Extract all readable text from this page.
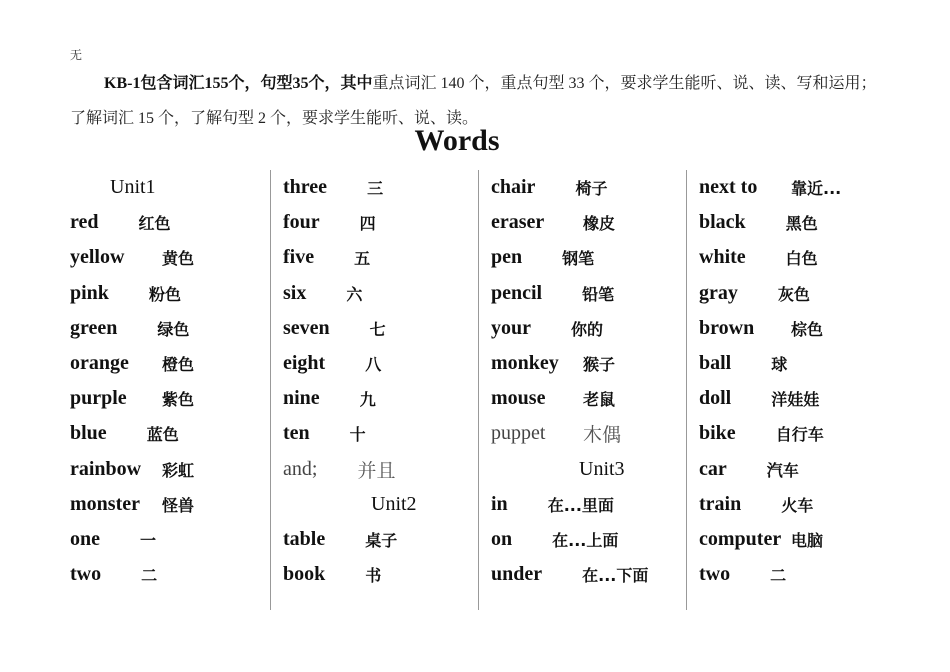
无
KB-1包含词汇155个，句型35个，其中重点词汇 140 个，重点句型 33 个，要求学生能听、说、读、写和运用；了解词汇 15 个，了解句型 2 个，要求学生能听、说、读。
Words
Unit1
red	红色
yellow 黄色
pink	粉色
green	绿色
orange 橙色
purple 紫色
blue	蓝色
rainbow 彩虹
monster 怪兽
one	一
two	二
three	三
four	四
five	五
six	六
seven	七
eight	八
nine	九
ten	十
and; 并且
Unit2
table	桌子
book	书
chair	椅子
eraser 橡皮
pen	钢笔
pencil	铅笔
your	你的
monkey 猴子
mouse 老鼠
puppet 木偶
Unit3
in	在...里面
on	在...上面
under	在...下面
next to 靠近...
black	黑色
white	白色
gray	灰色
brown 棕色
ball	球
doll	洋娃娃
bike	自行车
car	汽车
train	火车
computer 电脑
two	二
